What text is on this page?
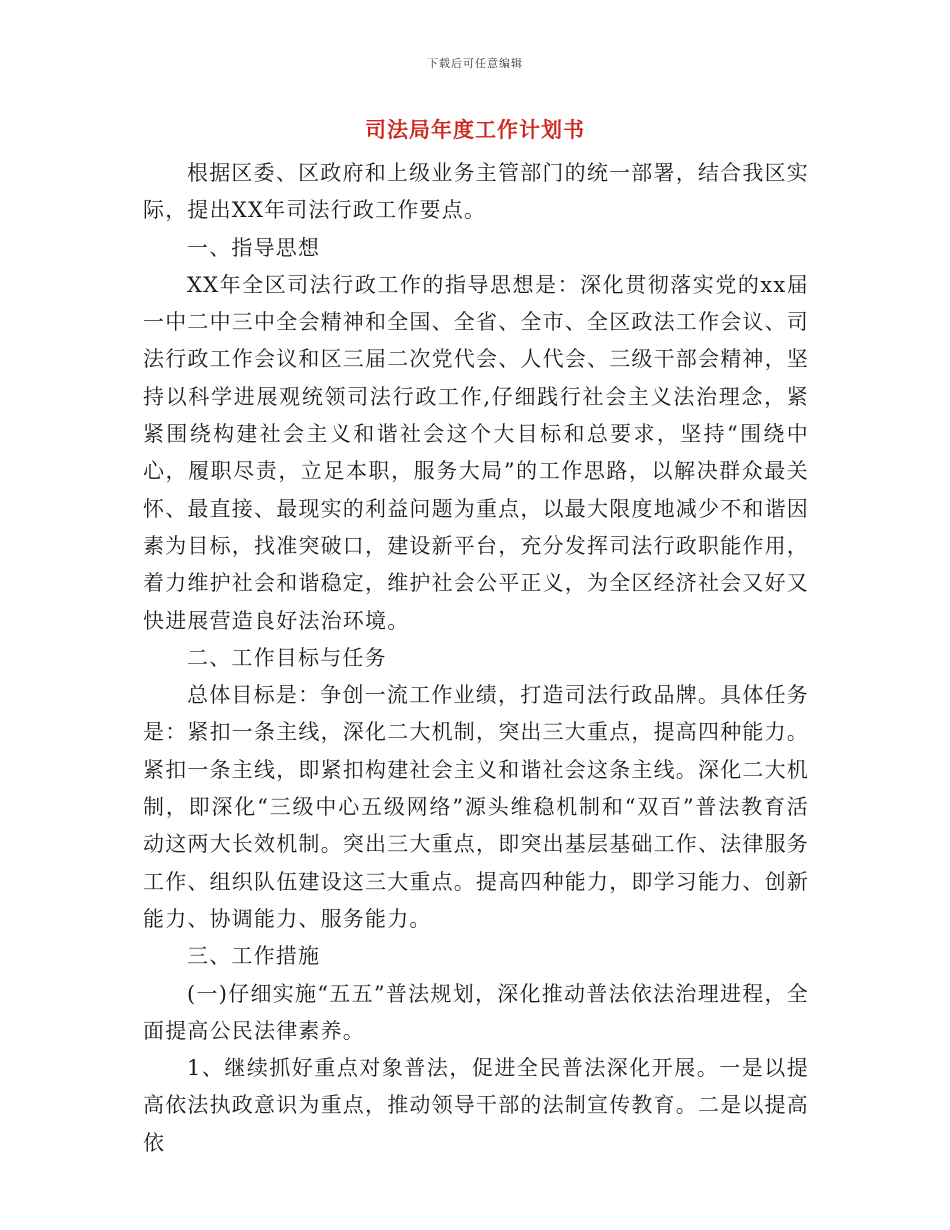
下载后可任意编辑
司法局年度工作计划书

根据区委、区政府和上级业务主管部门的统一部署，结合我区实际，提出XX年司法行政工作要点。

一、指导思想

XX年全区司法行政工作的指导思想是：深化贯彻落实党的xx届一中二中三中全会精神和全国、全省、全市、全区政法工作会议、司法行政工作会议和区三届二次党代会、人代会、三级干部会精神，坚持以科学进展观统领司法行政工作,仔细践行社会主义法治理念，紧紧围绕构建社会主义和谐社会这个大目标和总要求，坚持“围绕中心，履职尽责，立足本职，服务大局”的工作思路，以解决群众最关怀、最直接、最现实的利益问题为重点，以最大限度地减少不和谐因素为目标，找准突破口，建设新平台，充分发挥司法行政职能作用，着力维护社会和谐稳定，维护社会公平正义，为全区经济社会又好又快进展营造良好法治环境。

二、工作目标与任务

总体目标是：争创一流工作业绩，打造司法行政品牌。具体任务是：紧扣一条主线，深化二大机制，突出三大重点，提高四种能力。紧扣一条主线，即紧扣构建社会主义和谐社会这条主线。深化二大机制，即深化“三级中心五级网络”源头维稳机制和“双百”普法教育活动这两大长效机制。突出三大重点，即突出基层基础工作、法律服务工作、组织队伍建设这三大重点。提高四种能力，即学习能力、创新能力、协调能力、服务能力。

三、工作措施

(一)仔细实施“五五”普法规划，深化推动普法依法治理进程，全面提高公民法律素养。

1、继续抓好重点对象普法，促进全民普法深化开展。一是以提高依法执政意识为重点，推动领导干部的法制宣传教育。二是以提高依
